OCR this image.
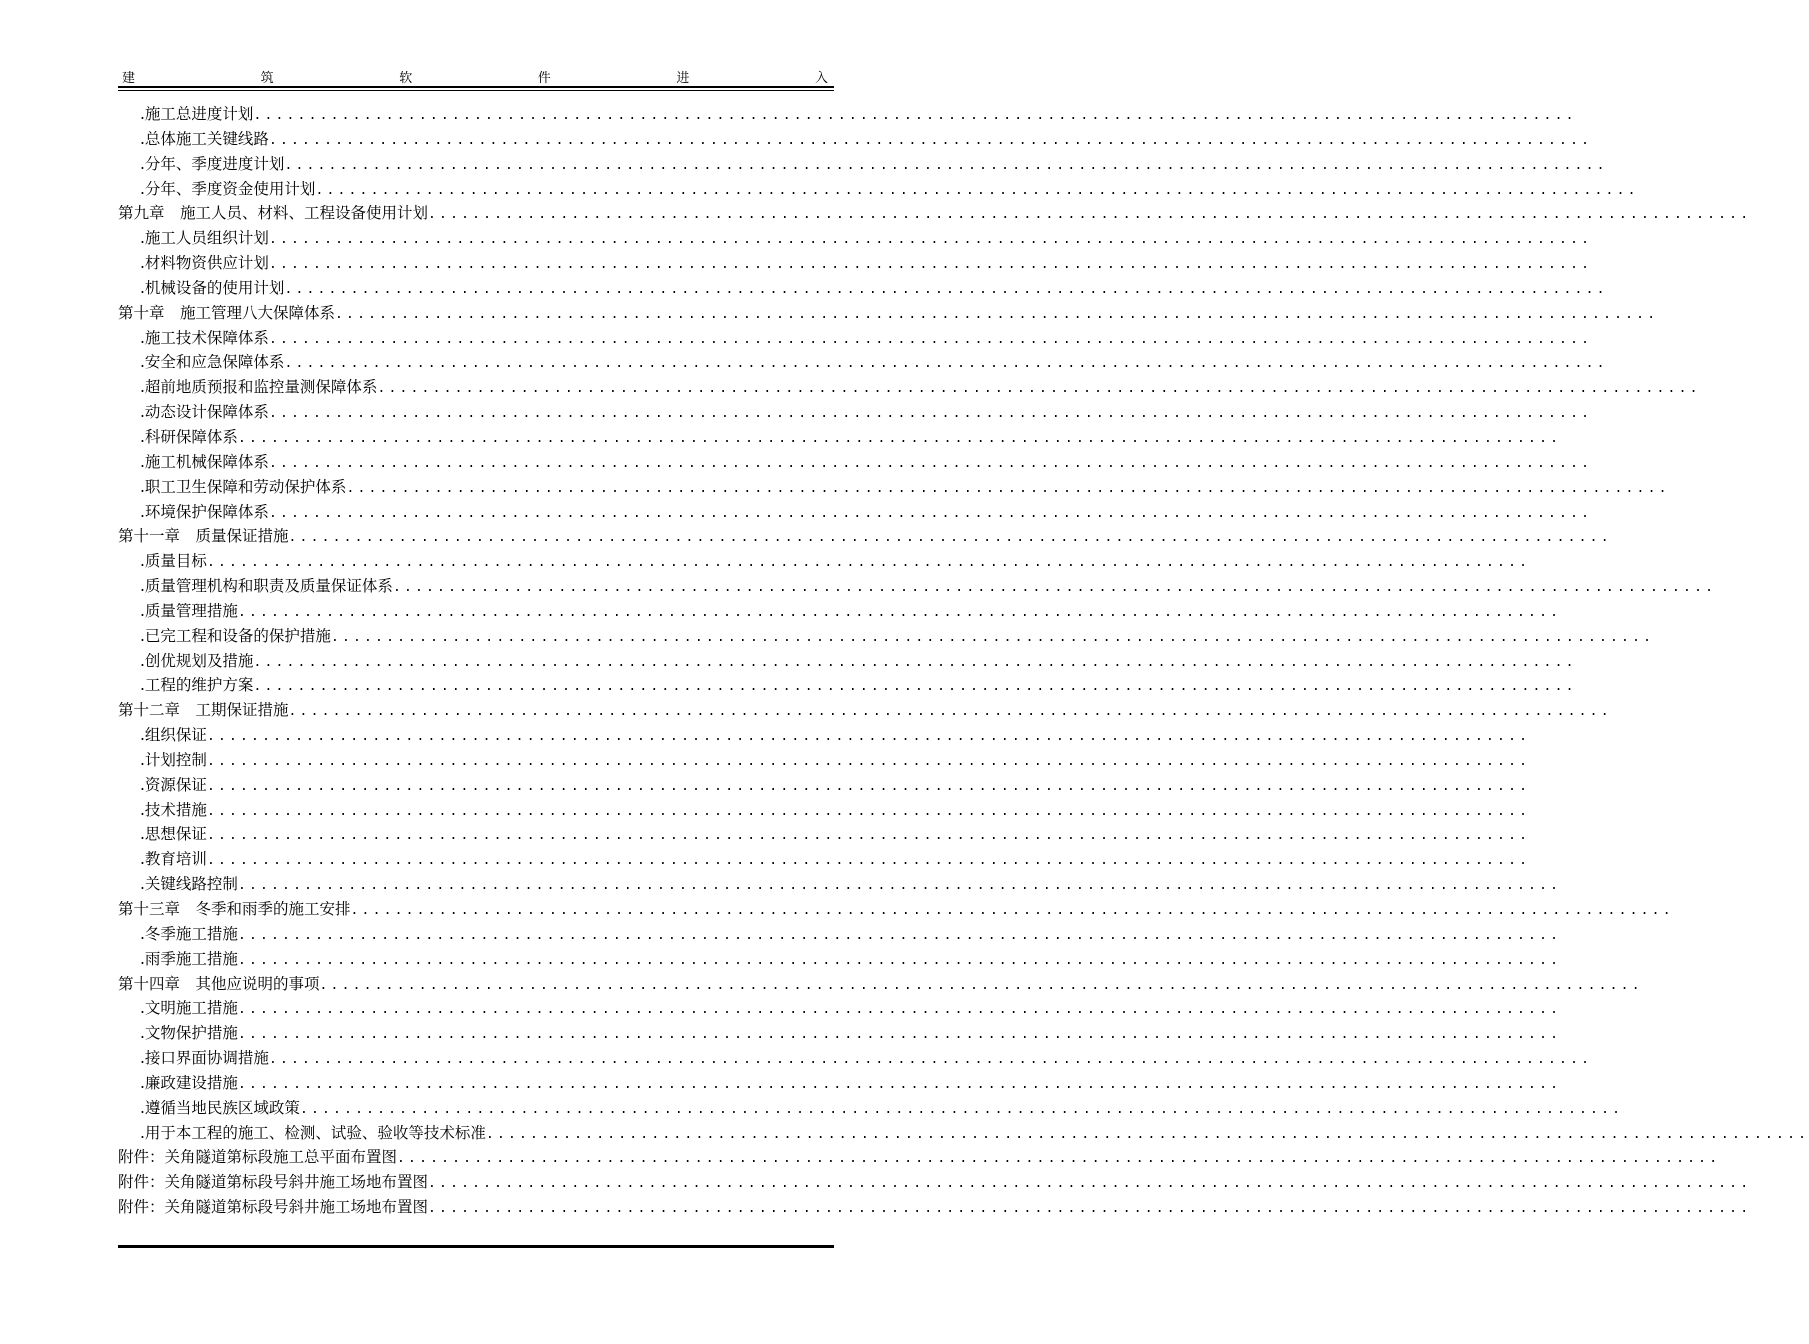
建	筑	软	件	进	入
.施工总进度计划 ........................................................................................................................
.总体施工关键线路 ........................................................................................................................
.分年、季度进度计划 ........................................................................................................................
.分年、季度资金使用计划 ........................................................................................................................
第九章　施工人员、材料、工程设备使用计划 ........................................................................................................................
.施工人员组织计划 ........................................................................................................................
.材料物资供应计划 ........................................................................................................................
.机械设备的使用计划 ........................................................................................................................
第十章　施工管理八大保障体系 ........................................................................................................................
.施工技术保障体系 ........................................................................................................................
.安全和应急保障体系 ........................................................................................................................
.超前地质预报和监控量测保障体系 ........................................................................................................................
.动态设计保障体系 ........................................................................................................................
.科研保障体系 ........................................................................................................................
.施工机械保障体系 ........................................................................................................................
.职工卫生保障和劳动保护体系 ........................................................................................................................
.环境保护保障体系 ........................................................................................................................
第十一章　质量保证措施 ........................................................................................................................
.质量目标 ........................................................................................................................
.质量管理机构和职责及质量保证体系 ........................................................................................................................
.质量管理措施 ........................................................................................................................
.已完工程和设备的保护措施 ........................................................................................................................
.创优规划及措施 ........................................................................................................................
.工程的维护方案 ........................................................................................................................
第十二章　工期保证措施 ........................................................................................................................
.组织保证 ........................................................................................................................
.计划控制 ........................................................................................................................
.资源保证 ........................................................................................................................
.技术措施 ........................................................................................................................
.思想保证 ........................................................................................................................
.教育培训 ........................................................................................................................
.关键线路控制 ........................................................................................................................
第十三章　冬季和雨季的施工安排 ........................................................................................................................
.冬季施工措施 ........................................................................................................................
.雨季施工措施 ........................................................................................................................
第十四章　其他应说明的事项 ........................................................................................................................
.文明施工措施 ........................................................................................................................
.文物保护措施 ........................................................................................................................
.接口界面协调措施 ........................................................................................................................
.廉政建设措施 ........................................................................................................................
.遵循当地民族区域政策 ........................................................................................................................
.用于本工程的施工、检测、试验、验收等技术标准 ........................................................................................................................
附件：关角隧道第标段施工总平面布置图 ........................................................................................................................
附件：关角隧道第标段号斜井施工场地布置图 ........................................................................................................................
附件：关角隧道第标段号斜井施工场地布置图 ........................................................................................................................
